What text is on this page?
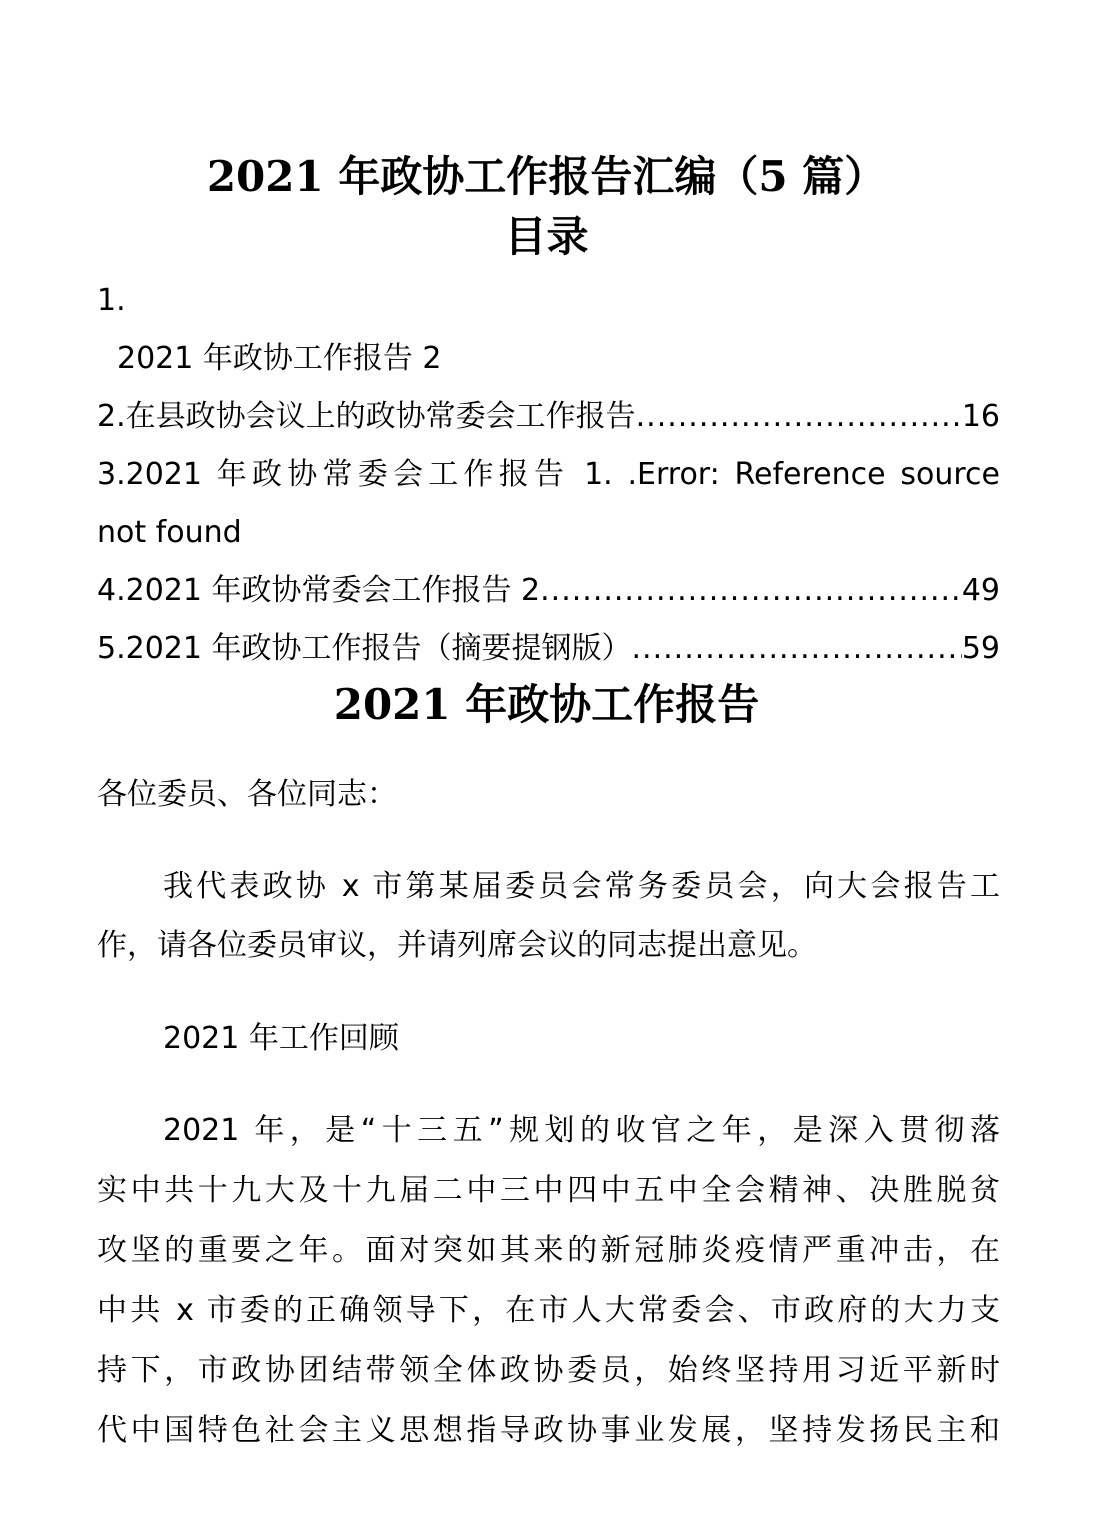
2021 年政协工作报告汇编（5 篇）
目录
1.
2021 年政协工作报告 2
2.在县政协会议上的政协常委会工作报告 .....	16
3.2021 年政协常委会工作报告 1. .Error: Reference source
not found
4.2021 年政协常委会工作报告 2 .....	49
5.2021 年政协工作报告（摘要提钢版） .....	59
2021 年政协工作报告
各位委员、各位同志：
我代表政协 x 市第某届委员会常务委员会，向大会报告工
作，请各位委员审议，并请列席会议的同志提出意见。
2021 年工作回顾
2021 年，是“十三五”规划的收官之年，是深入贯彻落
实中共十九大及十九届二中三中四中五中全会精神、决胜脱贫
攻坚的重要之年。面对突如其来的新冠肺炎疫情严重冲击，在
中共 x 市委的正确领导下，在市人大常委会、市政府的大力支
持下，市政协团结带领全体政协委员，始终坚持用习近平新时
代中国特色社会主义思想指导政协事业发展，坚持发扬民主和
